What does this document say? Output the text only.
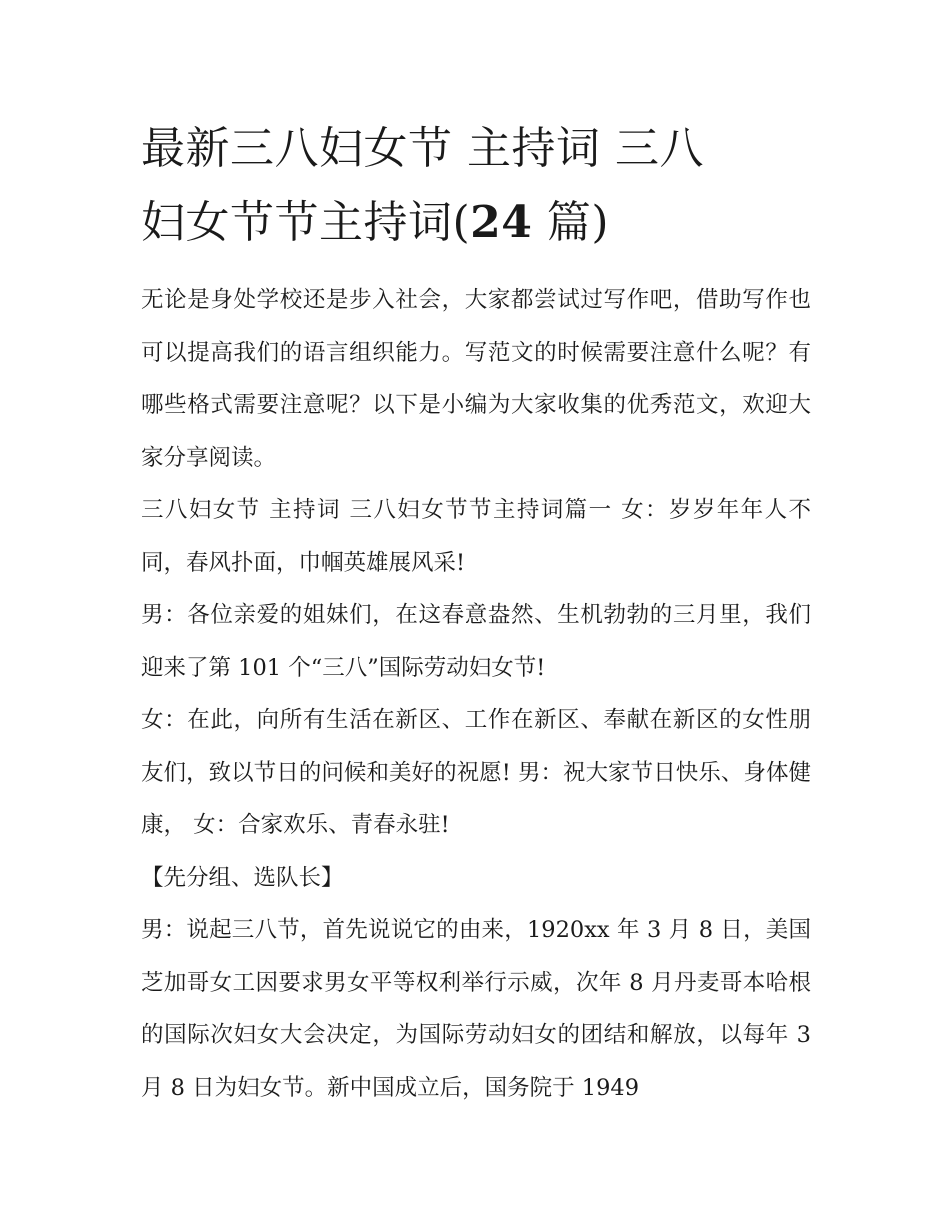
最新三八妇女节 主持词 三八
妇女节节主持词(24 篇)

无论是身处学校还是步入社会，大家都尝试过写作吧，借助写作也可以提高我们的语言组织能力。写范文的时候需要注意什么呢？有哪些格式需要注意呢？以下是小编为大家收集的优秀范文，欢迎大家分享阅读。

三八妇女节 主持词 三八妇女节节主持词篇一 女：岁岁年年人不同，春风扑面，巾帼英雄展风采!

男：各位亲爱的姐妹们，在这春意盎然、生机勃勃的三月里，我们迎来了第 101 个“三八”国际劳动妇女节!

女：在此，向所有生活在新区、工作在新区、奉献在新区的女性朋友们，致以节日的问候和美好的祝愿! 男：祝大家节日快乐、身体健康， 女：合家欢乐、青春永驻!

【先分组、选队长】

男：说起三八节，首先说说它的由来，1920xx 年 3 月 8 日，美国芝加哥女工因要求男女平等权利举行示威，次年 8 月丹麦哥本哈根的国际次妇女大会决定，为国际劳动妇女的团结和解放，以每年 3 月 8 日为妇女节。新中国成立后，国务院于 1949
